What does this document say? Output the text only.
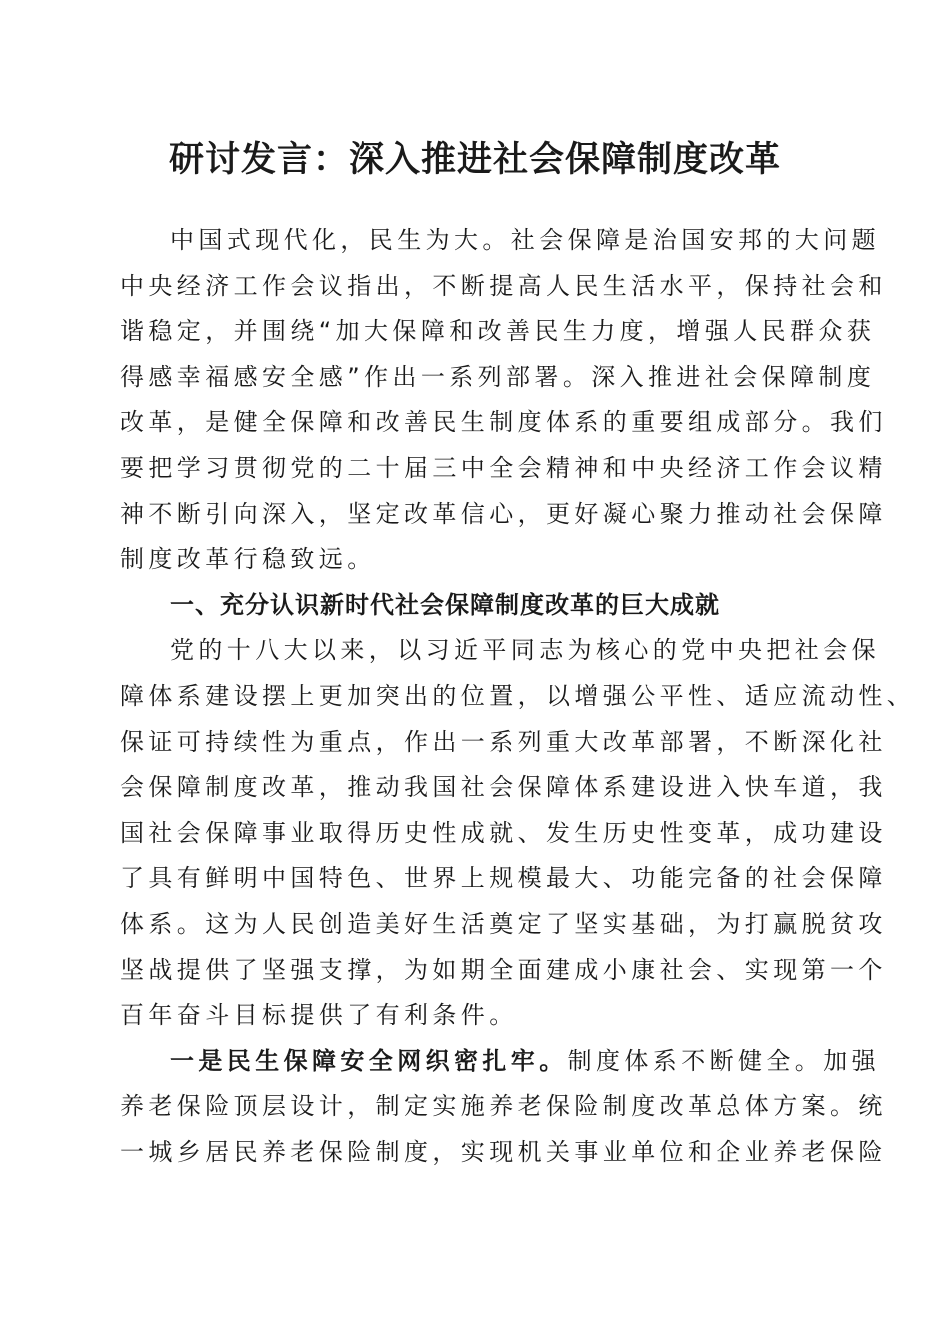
研讨发言：深入推进社会保障制度改革
中国式现代化，民生为大。社会保障是治国安邦的大问题
中央经济工作会议指出，不断提高人民生活水平，保持社会和
谐稳定，并围绕“加大保障和改善民生力度，增强人民群众获
得感幸福感安全感”作出一系列部署。深入推进社会保障制度
改革，是健全保障和改善民生制度体系的重要组成部分。我们
要把学习贯彻党的二十届三中全会精神和中央经济工作会议精
神不断引向深入，坚定改革信心，更好凝心聚力推动社会保障
制度改革行稳致远。
一、充分认识新时代社会保障制度改革的巨大成就
党的十八大以来，以习近平同志为核心的党中央把社会保
障体系建设摆上更加突出的位置，以增强公平性、适应流动性、
保证可持续性为重点，作出一系列重大改革部署，不断深化社
会保障制度改革，推动我国社会保障体系建设进入快车道，我
国社会保障事业取得历史性成就、发生历史性变革，成功建设
了具有鲜明中国特色、世界上规模最大、功能完备的社会保障
体系。这为人民创造美好生活奠定了坚实基础，为打赢脱贫攻
坚战提供了坚强支撑，为如期全面建成小康社会、实现第一个
百年奋斗目标提供了有利条件。
一是民生保障安全网织密扎牢。制度体系不断健全。加强
养老保险顶层设计，制定实施养老保险制度改革总体方案。统
一城乡居民养老保险制度，实现机关事业单位和企业养老保险
